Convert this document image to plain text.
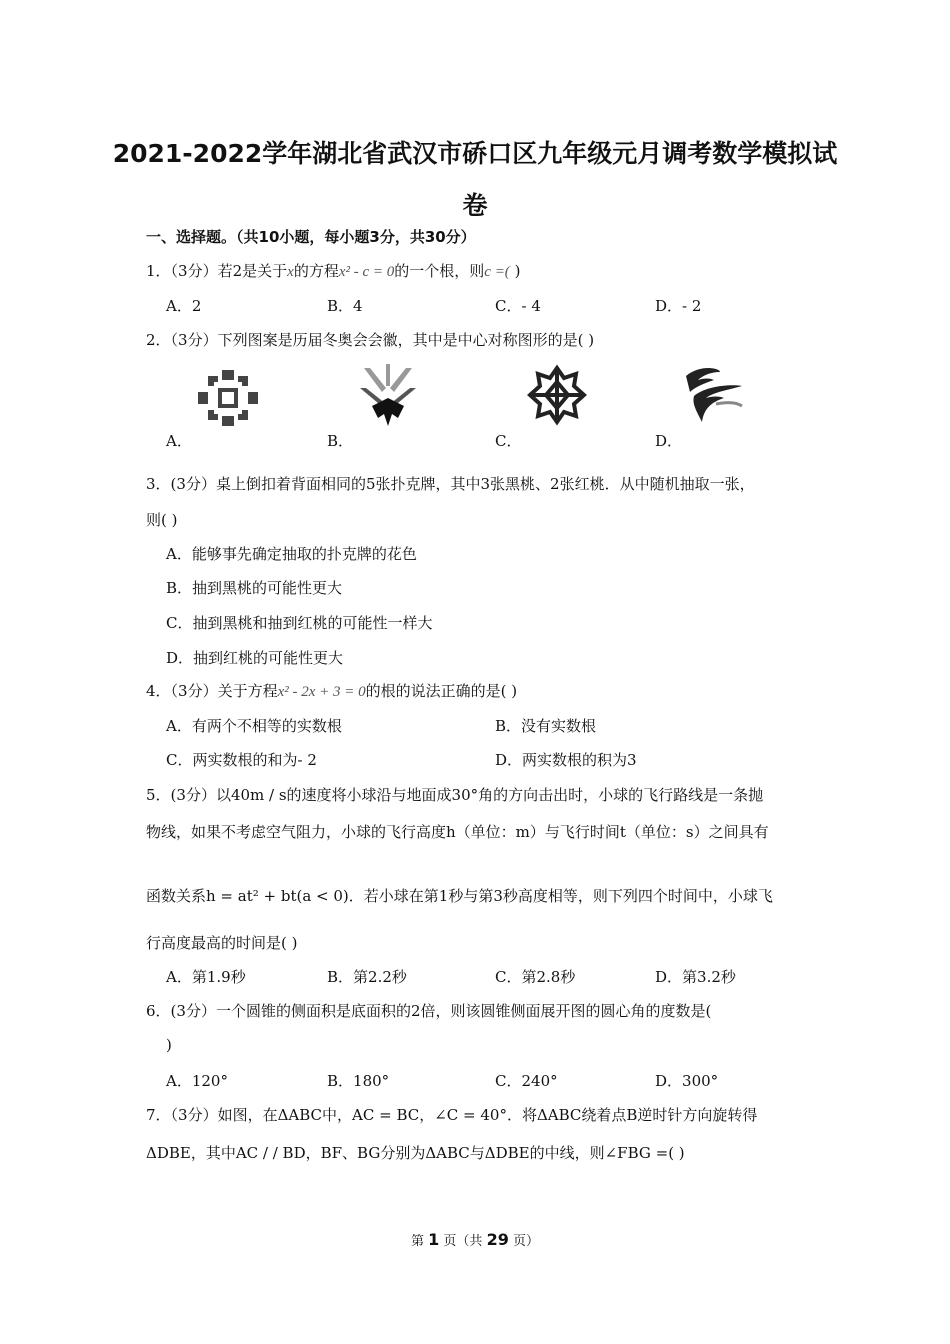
2021-2022学年湖北省武汉市硚口区九年级元月调考数学模拟试
卷
一、选择题。（共10小题，每小题3分，共30分）
1．（3分）若2是关于x的方程x² - c = 0的一个根，则c =( )
A．2	B．4	C．- 4	D．- 2
2．（3分）下列图案是历届冬奥会会徽，其中是中心对称图形的是( )
A．	B．	C．	D．
3．(3分）桌上倒扣着背面相同的5张扑克牌，其中3张黑桃、2张红桃．从中随机抽取一张，
则( )
A．能够事先确定抽取的扑克牌的花色
B．抽到黑桃的可能性更大
C．抽到黑桃和抽到红桃的可能性一样大
D．抽到红桃的可能性更大
4．（3分）关于方程x² - 2x + 3 = 0的根的说法正确的是( )
A．有两个不相等的实数根	B．没有实数根
C．两实数根的和为- 2	D．两实数根的积为3
5．(3分）以40m / s的速度将小球沿与地面成30°角的方向击出时，小球的飞行路线是一条抛
物线，如果不考虑空气阻力，小球的飞行高度h（单位：m）与飞行时间t（单位：s）之间具有
函数关系h = at² + bt(a < 0)．若小球在第1秒与第3秒高度相等，则下列四个时间中，小球飞
行高度最高的时间是( )
A．第1.9秒	B．第2.2秒	C．第2.8秒	D．第3.2秒
6．(3分）一个圆锥的侧面积是底面积的2倍，则该圆锥侧面展开图的圆心角的度数是(
)
A．120°	B．180°	C．240°	D．300°
7．（3分）如图，在ΔABC中，AC = BC，∠C = 40°．将ΔABC绕着点B逆时针方向旋转得
ΔDBE，其中AC / / BD，BF、BG分别为ΔABC与ΔDBE的中线，则∠FBG =( )
第 1 页（共 29 页）
